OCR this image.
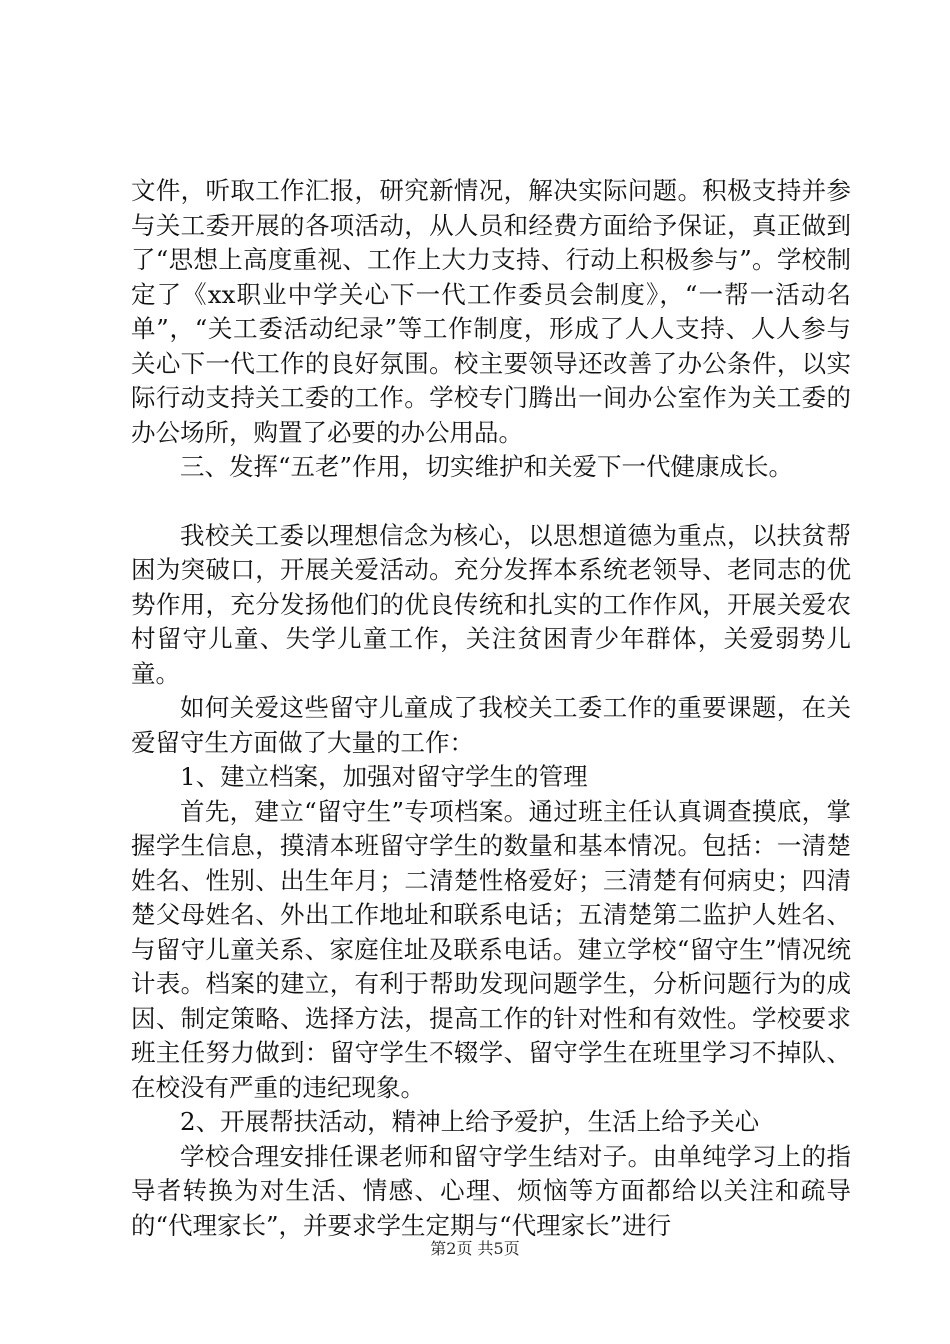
文件，听取工作汇报，研究新情况，解决实际问题。积极支持并参与关工委开展的各项活动，从人员和经费方面给予保证，真正做到了“思想上高度重视、工作上大力支持、行动上积极参与”。学校制定了《xx职业中学关心下一代工作委员会制度》，“一帮一活动名单”，“关工委活动纪录”等工作制度，形成了人人支持、人人参与关心下一代工作的良好氛围。校主要领导还改善了办公条件，以实际行动支持关工委的工作。学校专门腾出一间办公室作为关工委的办公场所，购置了必要的办公用品。

三、发挥“五老”作用，切实维护和关爱下一代健康成长。

我校关工委以理想信念为核心，以思想道德为重点，以扶贫帮困为突破口，开展关爱活动。充分发挥本系统老领导、老同志的优势作用，充分发扬他们的优良传统和扎实的工作作风，开展关爱农村留守儿童、失学儿童工作，关注贫困青少年群体，关爱弱势儿童。

如何关爱这些留守儿童成了我校关工委工作的重要课题，在关爱留守生方面做了大量的工作：

1、建立档案，加强对留守学生的管理

首先，建立“留守生”专项档案。通过班主任认真调查摸底，掌握学生信息，摸清本班留守学生的数量和基本情况。包括：一清楚姓名、性别、出生年月；二清楚性格爱好；三清楚有何病史；四清楚父母姓名、外出工作地址和联系电话；五清楚第二监护人姓名、与留守儿童关系、家庭住址及联系电话。建立学校“留守生”情况统计表。档案的建立，有利于帮助发现问题学生，分析问题行为的成因、制定策略、选择方法，提高工作的针对性和有效性。学校要求班主任努力做到：留守学生不辍学、留守学生在班里学习不掉队、在校没有严重的违纪现象。

2、开展帮扶活动，精神上给予爱护，生活上给予关心

学校合理安排任课老师和留守学生结对子。由单纯学习上的指导者转换为对生活、情感、心理、烦恼等方面都给以关注和疏导的“代理家长”，并要求学生定期与“代理家长”进行

第2页 共5页
